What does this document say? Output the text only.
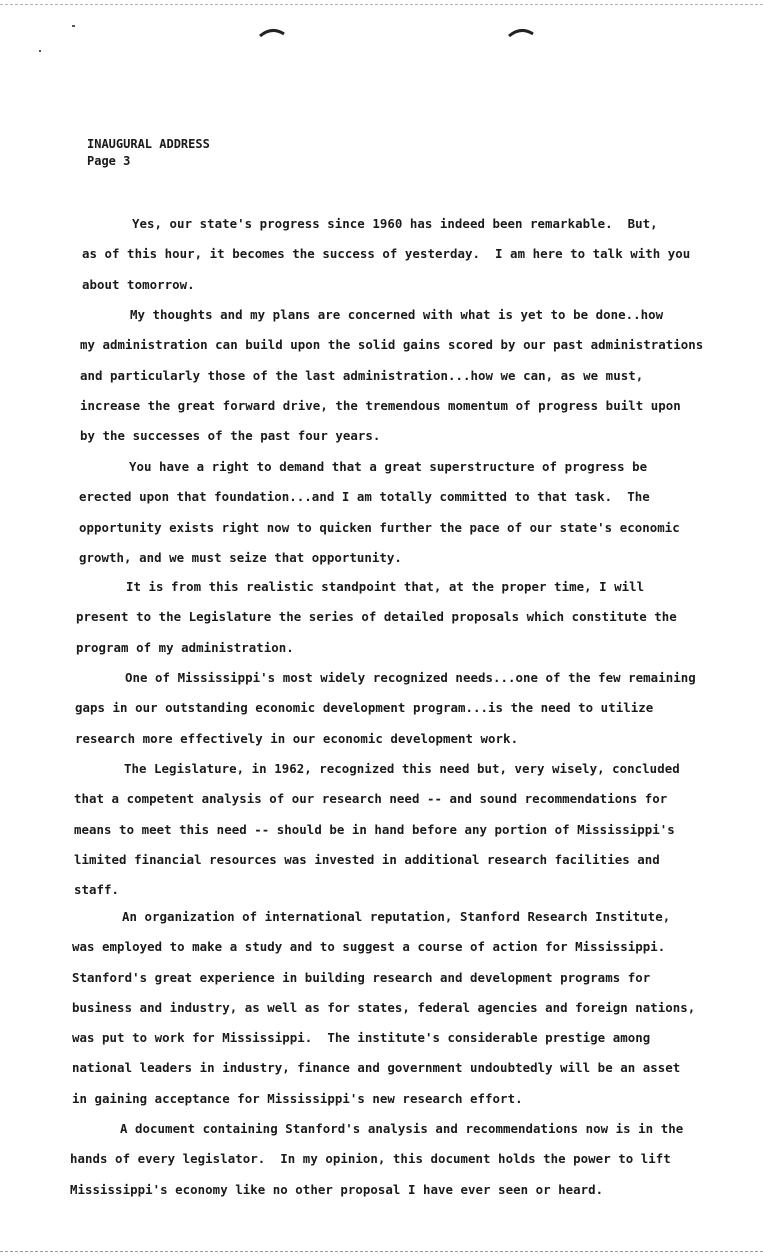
INAUGURAL ADDRESS
Page 3
Yes, our state's progress since 1960 has indeed been remarkable.  But,
as of this hour, it becomes the success of yesterday.  I am here to talk with you
about tomorrow.
My thoughts and my plans are concerned with what is yet to be done..how
my administration can build upon the solid gains scored by our past administrations
and particularly those of the last administration...how we can, as we must,
increase the great forward drive, the tremendous momentum of progress built upon
by the successes of the past four years.
You have a right to demand that a great superstructure of progress be
erected upon that foundation...and I am totally committed to that task.  The
opportunity exists right now to quicken further the pace of our state's economic
growth, and we must seize that opportunity.
It is from this realistic standpoint that, at the proper time, I will
present to the Legislature the series of detailed proposals which constitute the
program of my administration.
One of Mississippi's most widely recognized needs...one of the few remaining
gaps in our outstanding economic development program...is the need to utilize
research more effectively in our economic development work.
The Legislature, in 1962, recognized this need but, very wisely, concluded
that a competent analysis of our research need -- and sound recommendations for
means to meet this need -- should be in hand before any portion of Mississippi's
limited financial resources was invested in additional research facilities and
staff.
An organization of international reputation, Stanford Research Institute,
was employed to make a study and to suggest a course of action for Mississippi.
Stanford's great experience in building research and development programs for
business and industry, as well as for states, federal agencies and foreign nations,
was put to work for Mississippi.  The institute's considerable prestige among
national leaders in industry, finance and government undoubtedly will be an asset
in gaining acceptance for Mississippi's new research effort.
A document containing Stanford's analysis and recommendations now is in the
hands of every legislator.  In my opinion, this document holds the power to lift
Mississippi's economy like no other proposal I have ever seen or heard.
